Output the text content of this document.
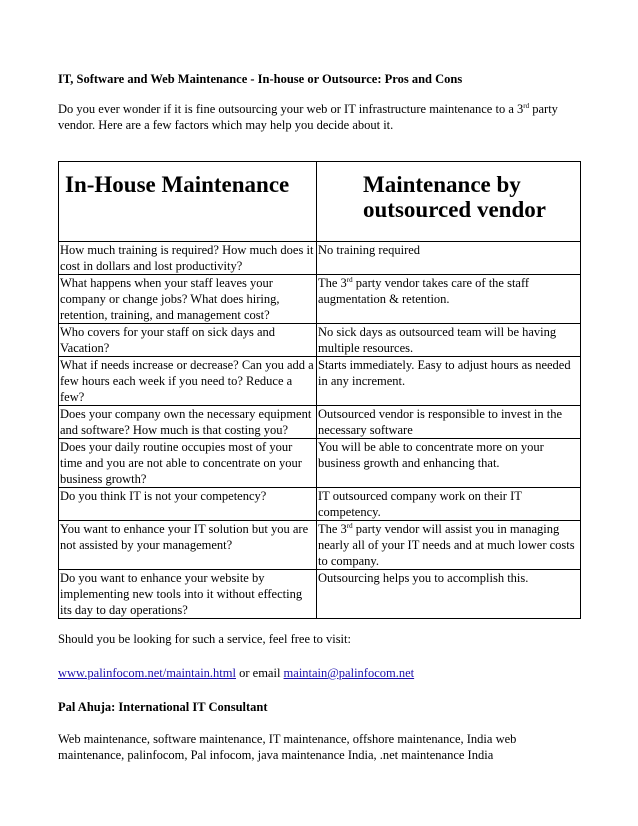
IT, Software and Web Maintenance - In-house or Outsource: Pros and Cons

Do you ever wonder if it is fine outsourcing your web or IT infrastructure maintenance to a 3rd party vendor. Here are a few factors which may help you decide about it.

In-House Maintenance	Maintenance by outsourced vendor
How much training is required? How much does it cost in dollars and lost productivity?	No training required
What happens when your staff leaves your company or change jobs? What does hiring, retention, training, and management cost?	The 3rd party vendor takes care of the staff augmentation & retention.
Who covers for your staff on sick days and Vacation?	No sick days as outsourced team will be having multiple resources.
What if needs increase or decrease? Can you add a few hours each week if you need to? Reduce a few?	Starts immediately. Easy to adjust hours as needed in any increment.
Does your company own the necessary equipment and software? How much is that costing you?	Outsourced vendor is responsible to invest in the necessary software
Does your daily routine occupies most of your time and you are not able to concentrate on your business growth?	You will be able to concentrate more on your business growth and enhancing that.
Do you think IT is not your competency?	IT outsourced company work on their IT competency.
You want to enhance your IT solution but you are not assisted by your management?	The 3rd party vendor will assist you in managing nearly all of your IT needs and at much lower costs to company.
Do you want to enhance your website by implementing new tools into it without effecting its day to day operations?	Outsourcing helps you to accomplish this.

Should you be looking for such a service, feel free to visit:

www.palinfocom.net/maintain.html or email maintain@palinfocom.net

Pal Ahuja: International IT Consultant

Web maintenance, software maintenance, IT maintenance, offshore maintenance, India web maintenance, palinfocom, Pal infocom, java maintenance India, .net maintenance India
